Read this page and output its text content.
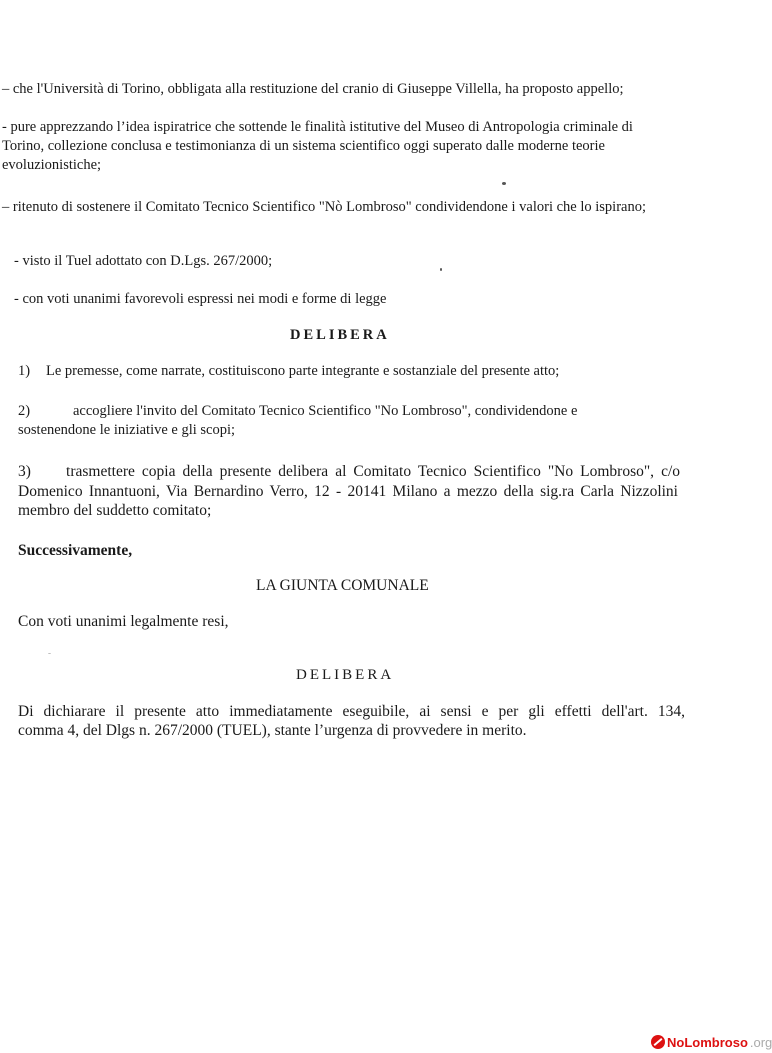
– che l'Università di Torino, obbligata alla restituzione del cranio di Giuseppe Villella, ha proposto appello;
- pure apprezzando l’idea ispiratrice che sottende le finalità istitutive del Museo di Antropologia criminale di
Torino, collezione conclusa e testimonianza di un sistema scientifico oggi superato dalle moderne teorie
evoluzionistiche;
– ritenuto di sostenere il Comitato Tecnico Scientifico "Nò Lombroso" condividendone i valori che lo ispirano;
- visto il Tuel adottato con D.Lgs. 267/2000;
- con voti unanimi favorevoli espressi nei modi e forme di legge
DELIBERA
1) Le premesse, come narrate, costituiscono parte integrante e sostanziale del presente atto;
2)	accogliere l'invito del Comitato Tecnico Scientifico "No Lombroso", condividendone e
sostenendone le iniziative e gli scopi;
3) trasmettere copia della presente delibera al Comitato Tecnico Scientifico "No Lombroso", c/o
Domenico Innantuoni, Via Bernardino Verro, 12 - 20141 Milano a mezzo della sig.ra Carla Nizzolini
membro del suddetto comitato;
Successivamente,
LA GIUNTA COMUNALE
Con voti unanimi legalmente resi,
DELIBERA
Di dichiarare il presente atto immediatamente eseguibile, ai sensi e per gli effetti dell'art. 134,
comma 4, del Dlgs n. 267/2000 (TUEL), stante l’urgenza di provvedere in merito.
NoLombroso .org
